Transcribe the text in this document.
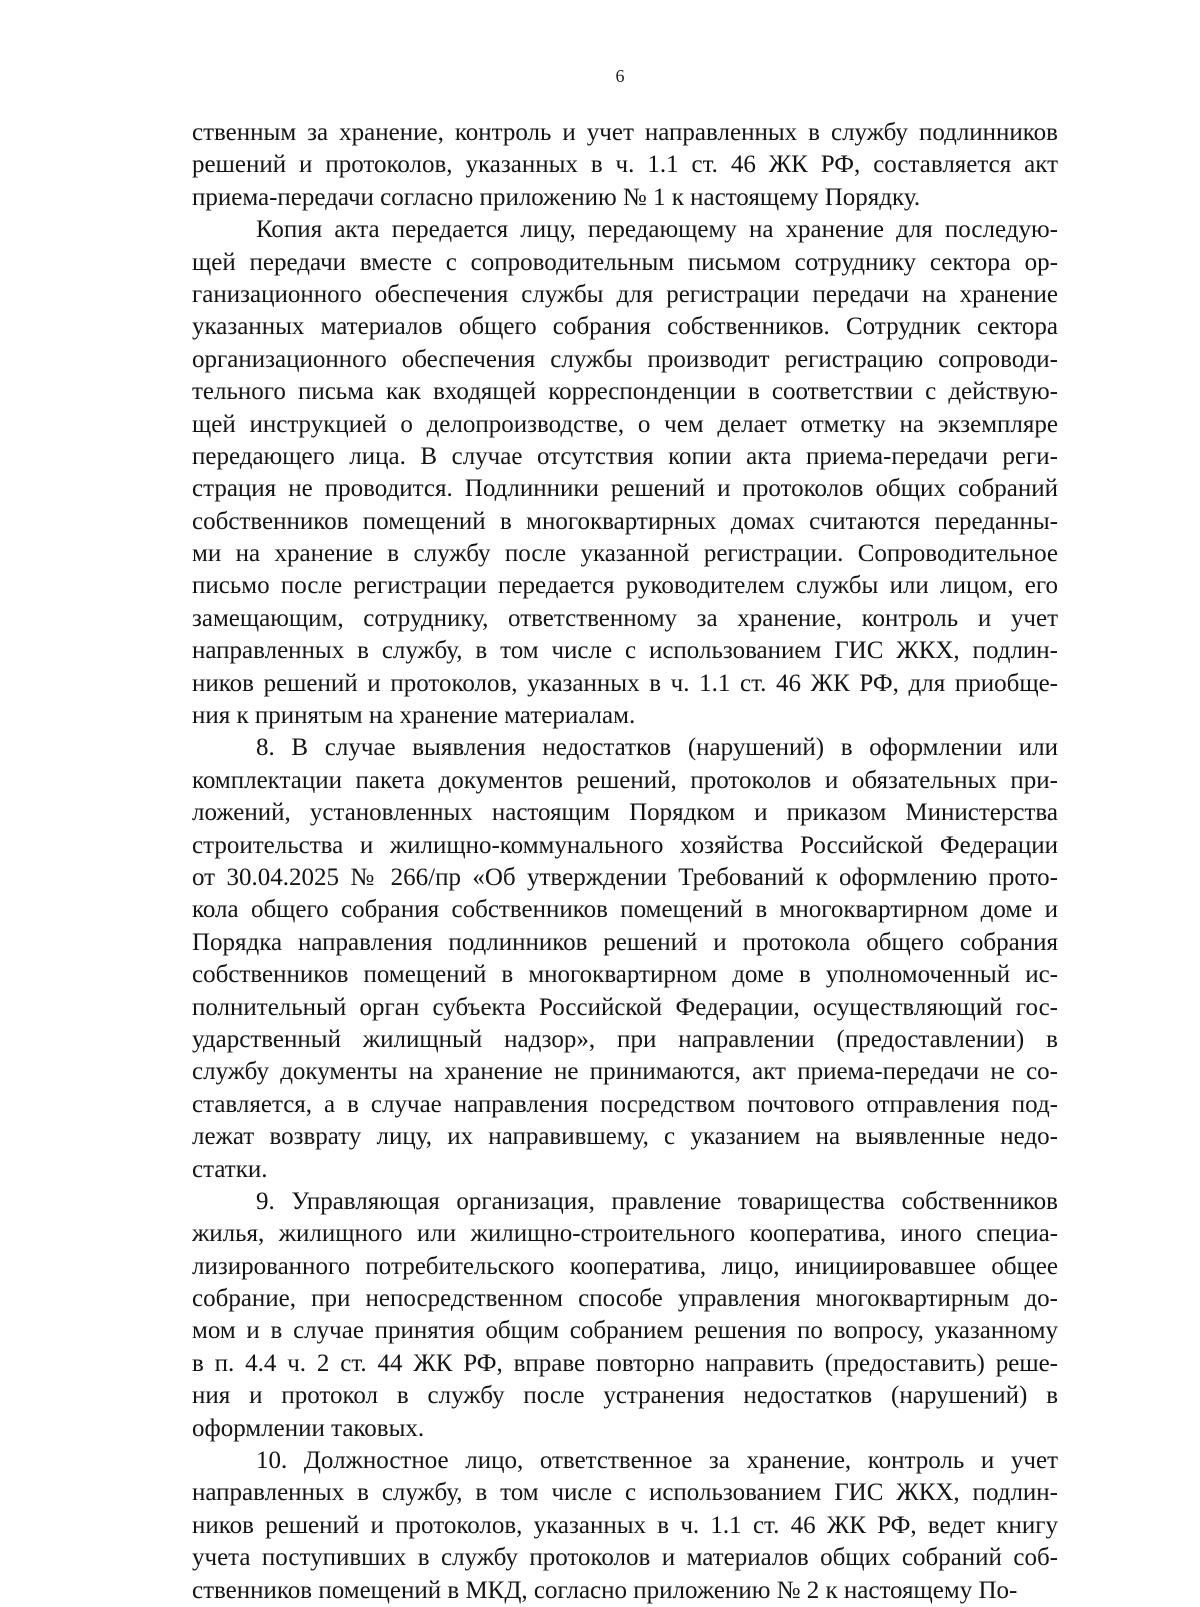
6
ственным за хранение, контроль и учет направленных в службу подлинников
решений и протоколов, указанных в ч. 1.1 ст. 46 ЖК РФ, составляется акт
приема-передачи согласно приложению № 1 к настоящему Порядку.
Копия акта передается лицу, передающему на хранение для последую-
щей передачи вместе с сопроводительным письмом сотруднику сектора ор-
ганизационного обеспечения службы для регистрации передачи на хранение
указанных материалов общего собрания собственников. Сотрудник сектора
организационного обеспечения службы производит регистрацию сопроводи-
тельного письма как входящей корреспонденции в соответствии с действую-
щей инструкцией о делопроизводстве, о чем делает отметку на экземпляре
передающего лица. В случае отсутствия копии акта приема-передачи реги-
страция не проводится. Подлинники решений и протоколов общих собраний
собственников помещений в многоквартирных домах считаются переданны-
ми на хранение в службу после указанной регистрации. Сопроводительное
письмо после регистрации передается руководителем службы или лицом, его
замещающим, сотруднику, ответственному за хранение, контроль и учет
направленных в службу, в том числе с использованием ГИС ЖКХ, подлин-
ников решений и протоколов, указанных в ч. 1.1 ст. 46 ЖК РФ, для приобще-
ния к принятым на хранение материалам.
8. В случае выявления недостатков (нарушений) в оформлении или
комплектации пакета документов решений, протоколов и обязательных при-
ложений, установленных настоящим Порядком и приказом Министерства
строительства и жилищно-коммунального хозяйства Российской Федерации
от 30.04.2025 № 266/пр «Об утверждении Требований к оформлению прото-
кола общего собрания собственников помещений в многоквартирном доме и
Порядка направления подлинников решений и протокола общего собрания
собственников помещений в многоквартирном доме в уполномоченный ис-
полнительный орган субъекта Российской Федерации, осуществляющий гос-
ударственный жилищный надзор», при направлении (предоставлении) в
службу документы на хранение не принимаются, акт приема-передачи не со-
ставляется, а в случае направления посредством почтового отправления под-
лежат возврату лицу, их направившему, с указанием на выявленные недо-
статки.
9. Управляющая организация, правление товарищества собственников
жилья, жилищного или жилищно-строительного кооператива, иного специа-
лизированного потребительского кооператива, лицо, инициировавшее общее
собрание, при непосредственном способе управления многоквартирным до-
мом и в случае принятия общим собранием решения по вопросу, указанному
в п. 4.4 ч. 2 ст. 44 ЖК РФ, вправе повторно направить (предоставить) реше-
ния и протокол в службу после устранения недостатков (нарушений) в
оформлении таковых.
10. Должностное лицо, ответственное за хранение, контроль и учет
направленных в службу, в том числе с использованием ГИС ЖКХ, подлин-
ников решений и протоколов, указанных в ч. 1.1 ст. 46 ЖК РФ, ведет книгу
учета поступивших в службу протоколов и материалов общих собраний соб-
ственников помещений в МКД, согласно приложению № 2 к настоящему По-
